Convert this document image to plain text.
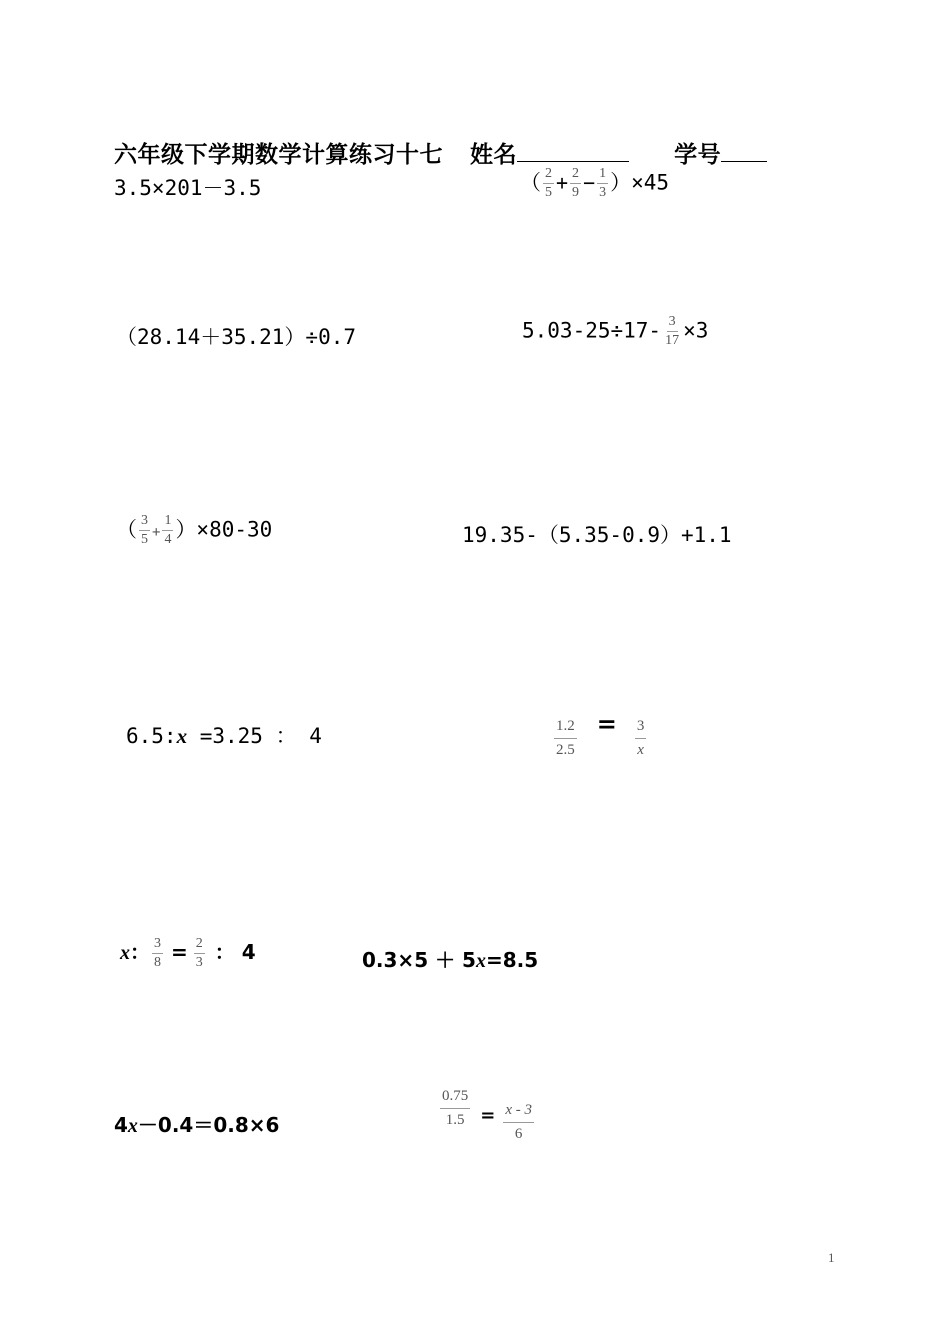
六年级下学期数学计算练习十七 姓名	学号
3.5×201－3.5	（ $\frac{2}{5} + \frac{2}{9} - \frac{1}{3} )\times 45$
（28.14＋35.21）÷0.7	$5.03-25\div 17- \frac{3}{17} \times 3$
（ $\frac{3}{5} + \frac{1}{4} )\times 80-30$	19.35-（5.35-0.9）+1.1
6.5:x =3.25 ： 4	$\frac{1.2}{2.5} = \frac{3}{x}$
x： $\frac{3}{8} = \frac{2}{3}$ ： 4	0.3×5 ＋ 5x=8.5
4x－0.4＝0.8×6	$\frac{0.75}{1.5} = \frac{x - 3}{6}$
1
